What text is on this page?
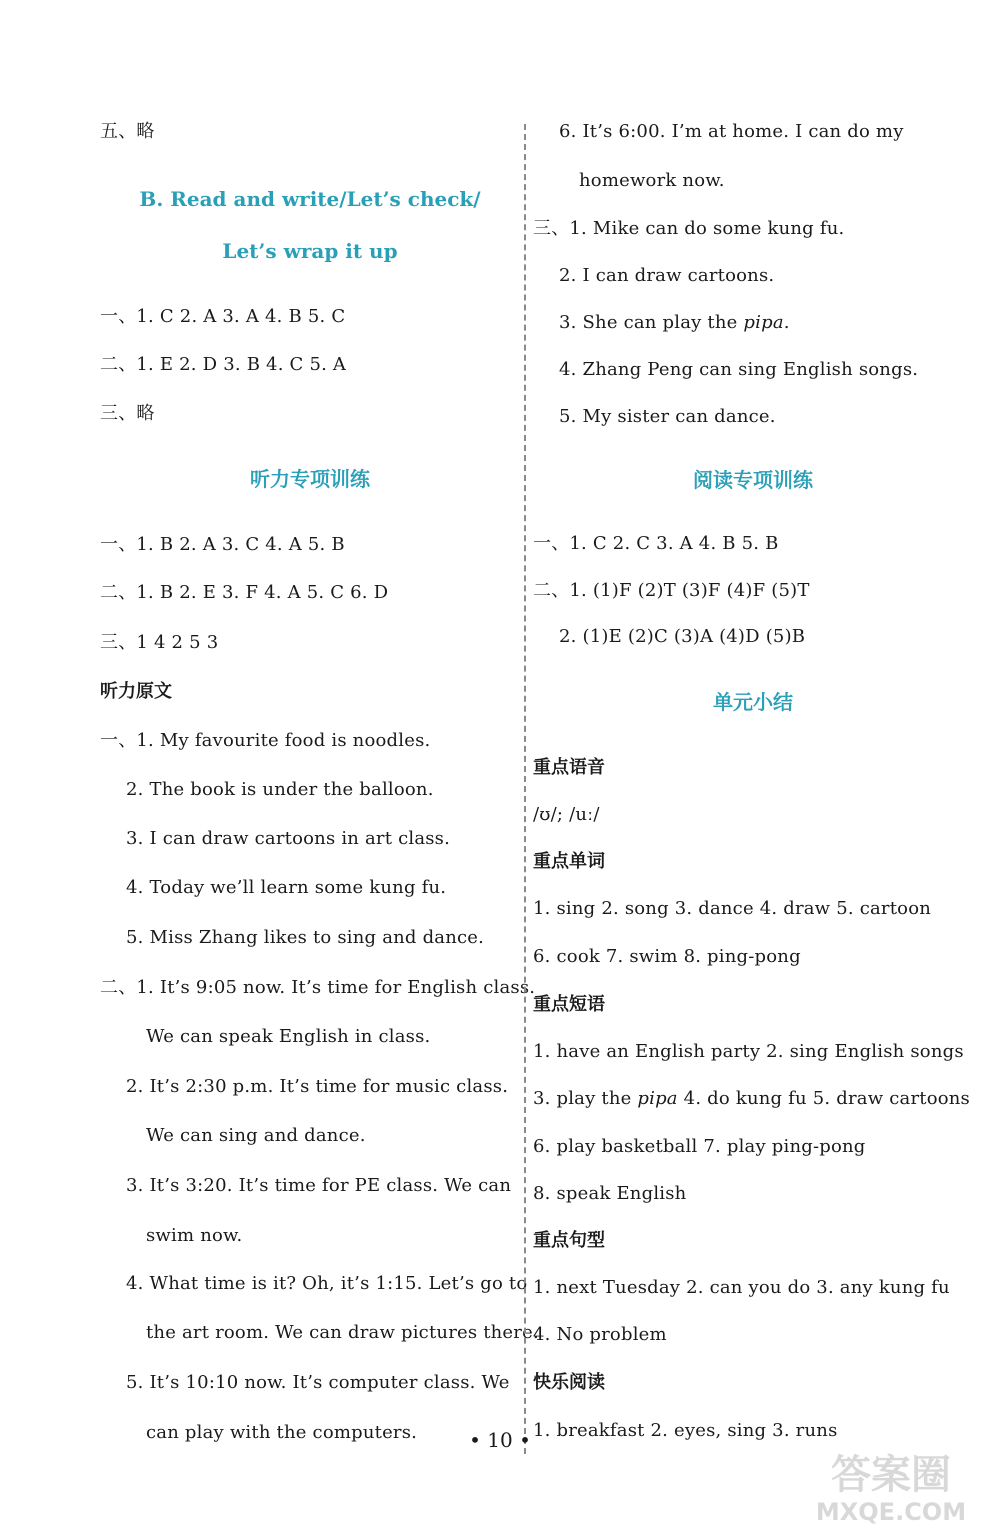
五、略
B. Read and write/Let’s check/
Let’s wrap it up
一、1. C 2. A 3. A 4. B 5. C
二、1. E 2. D 3. B 4. C 5. A
三、略
听力专项训练
一、1. B 2. A 3. C 4. A 5. B
二、1. B 2. E 3. F 4. A 5. C 6. D
三、1 4 2 5 3
听力原文
一、1. My favourite food is noodles.
2. The book is under the balloon.
3. I can draw cartoons in art class.
4. Today we’ll learn some kung fu.
5. Miss Zhang likes to sing and dance.
二、1. It’s 9:05 now. It’s time for English class.
We can speak English in class.
2. It’s 2:30 p.m. It’s time for music class.
We can sing and dance.
3. It’s 3:20. It’s time for PE class. We can
swim now.
4. What time is it? Oh, it’s 1:15. Let’s go to
the art room. We can draw pictures there.
5. It’s 10:10 now. It’s computer class. We
can play with the computers.
6. It’s 6:00. I’m at home. I can do my
homework now.
三、1. Mike can do some kung fu.
2. I can draw cartoons.
3. She can play the pipa.
4. Zhang Peng can sing English songs.
5. My sister can dance.
阅读专项训练
一、1. C 2. C 3. A 4. B 5. B
二、1. (1)F (2)T (3)F (4)F (5)T
2. (1)E (2)C (3)A (4)D (5)B
单元小结
重点语音
/ʊ/; /uː/
重点单词
1. sing 2. song 3. dance 4. draw 5. cartoon
6. cook 7. swim 8. ping-pong
重点短语
1. have an English party 2. sing English songs
3. play the pipa 4. do kung fu 5. draw cartoons
6. play basketball 7. play ping-pong
8. speak English
重点句型
1. next Tuesday 2. can you do 3. any kung fu
4. No problem
快乐阅读
1. breakfast 2. eyes, sing 3. runs
• 10 •
答案圈
MXQE.COM
